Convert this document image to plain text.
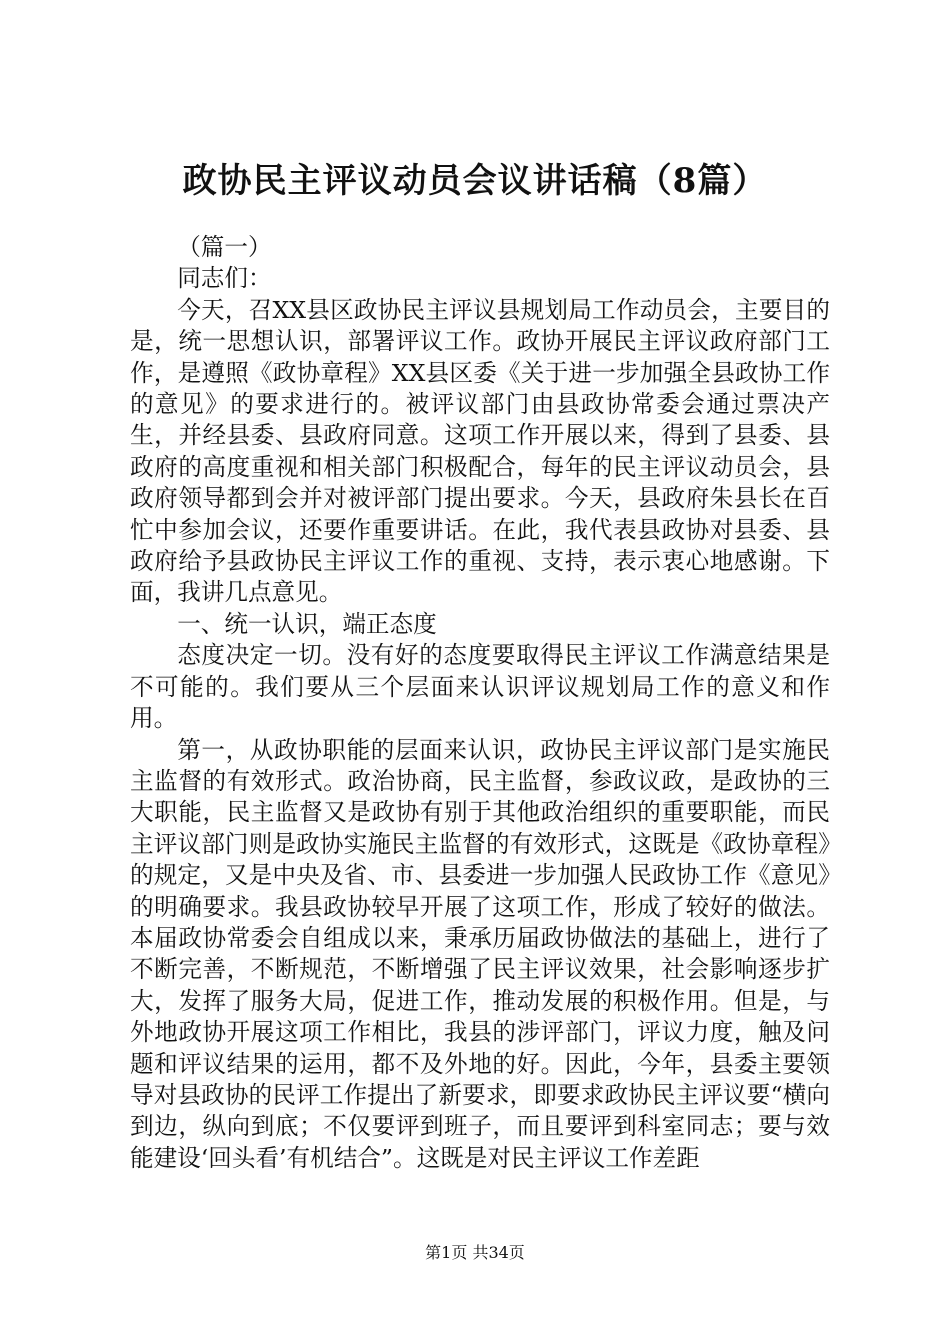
政协民主评议动员会议讲话稿（8篇）

（篇一）

同志们：

今天，召XX县区政协民主评议县规划局工作动员会，主要目的是，统一思想认识，部署评议工作。政协开展民主评议政府部门工作，是遵照《政协章程》XX县区委《关于进一步加强全县政协工作的意见》的要求进行的。被评议部门由县政协常委会通过票决产生，并经县委、县政府同意。这项工作开展以来，得到了县委、县政府的高度重视和相关部门积极配合，每年的民主评议动员会，县政府领导都到会并对被评部门提出要求。今天，县政府朱县长在百忙中参加会议，还要作重要讲话。在此，我代表县政协对县委、县政府给予县政协民主评议工作的重视、支持，表示衷心地感谢。下面，我讲几点意见。

一、统一认识，端正态度

态度决定一切。没有好的态度要取得民主评议工作满意结果是不可能的。我们要从三个层面来认识评议规划局工作的意义和作用。

第一，从政协职能的层面来认识，政协民主评议部门是实施民主监督的有效形式。政治协商，民主监督，参政议政，是政协的三大职能，民主监督又是政协有别于其他政治组织的重要职能，而民主评议部门则是政协实施民主监督的有效形式，这既是《政协章程》的规定，又是中央及省、市、县委进一步加强人民政协工作《意见》的明确要求。我县政协较早开展了这项工作，形成了较好的做法。本届政协常委会自组成以来，秉承历届政协做法的基础上，进行了不断完善，不断规范，不断增强了民主评议效果，社会影响逐步扩大，发挥了服务大局，促进工作，推动发展的积极作用。但是，与外地政协开展这项工作相比，我县的涉评部门，评议力度，触及问题和评议结果的运用，都不及外地的好。因此，今年，县委主要领导对县政协的民评工作提出了新要求，即要求政协民主评议要“横向到边，纵向到底；不仅要评到班子，而且要评到科室同志；要与效能建设‘回头看’有机结合”。这既是对民主评议工作差距

第1页 共34页
